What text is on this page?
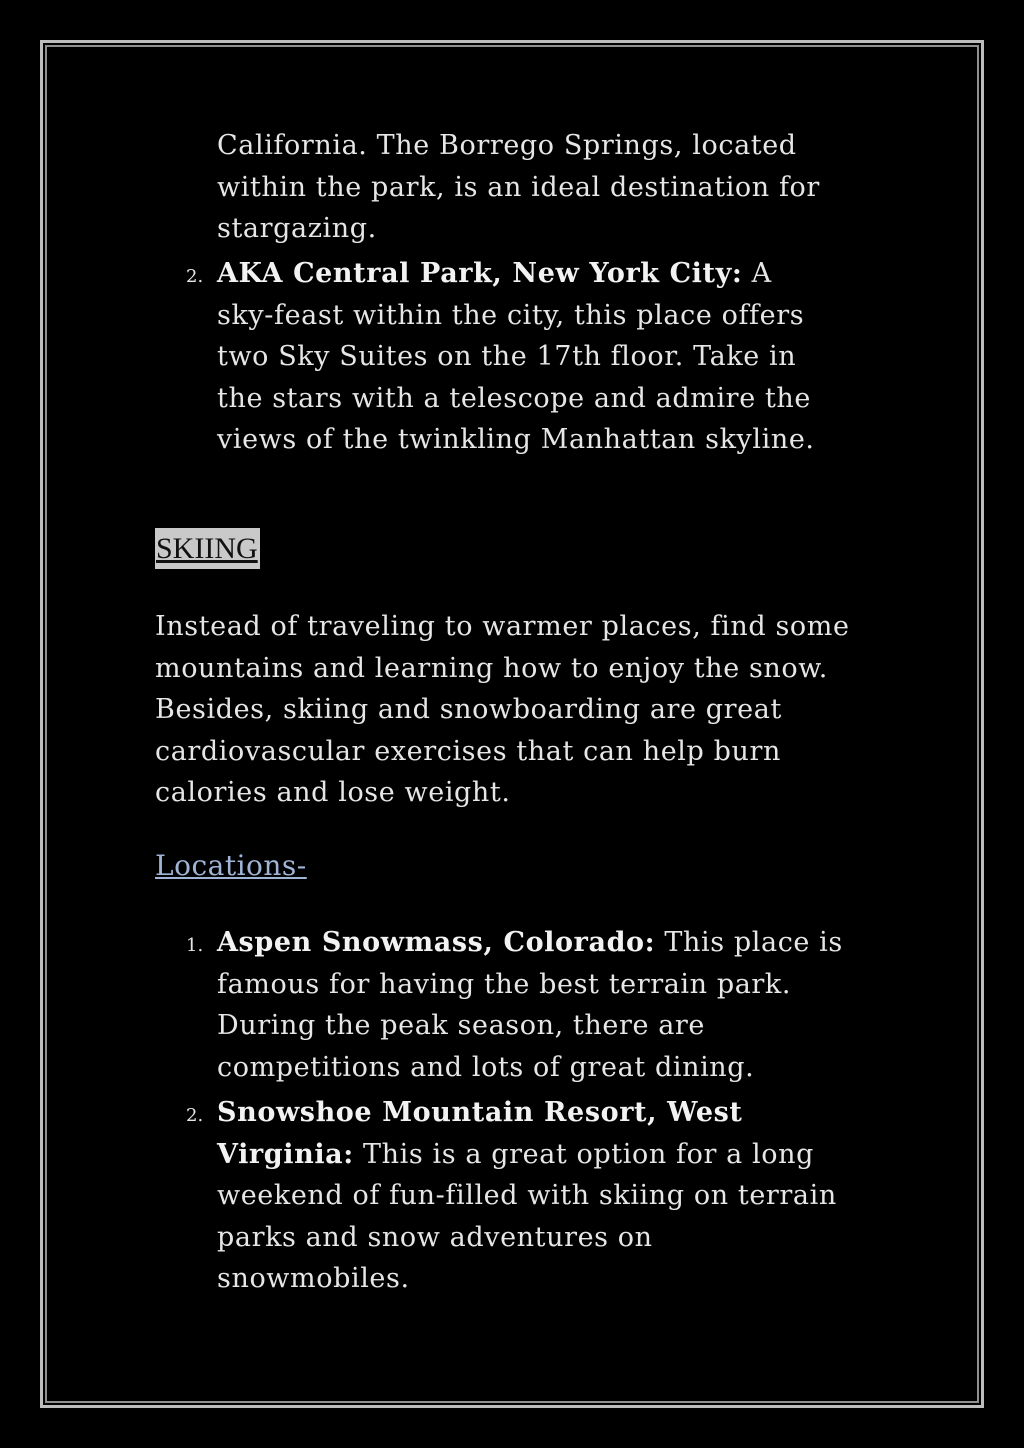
California. The Borrego Springs, located
within the park, is an ideal destination for
stargazing.

2. AKA Central Park, New York City: A
sky-feast within the city, this place offers
two Sky Suites on the 17th floor. Take in
the stars with a telescope and admire the
views of the twinkling Manhattan skyline.

SKIING

Instead of traveling to warmer places, find some
mountains and learning how to enjoy the snow.
Besides, skiing and snowboarding are great
cardiovascular exercises that can help burn
calories and lose weight.

Locations-
1. Aspen Snowmass, Colorado: This place is
famous for having the best terrain park.
During the peak season, there are
competitions and lots of great dining.

2. Snowshoe Mountain Resort, West
Virginia: This is a great option for a long
weekend of fun-filled with skiing on terrain
parks and snow adventures on
snowmobiles.
